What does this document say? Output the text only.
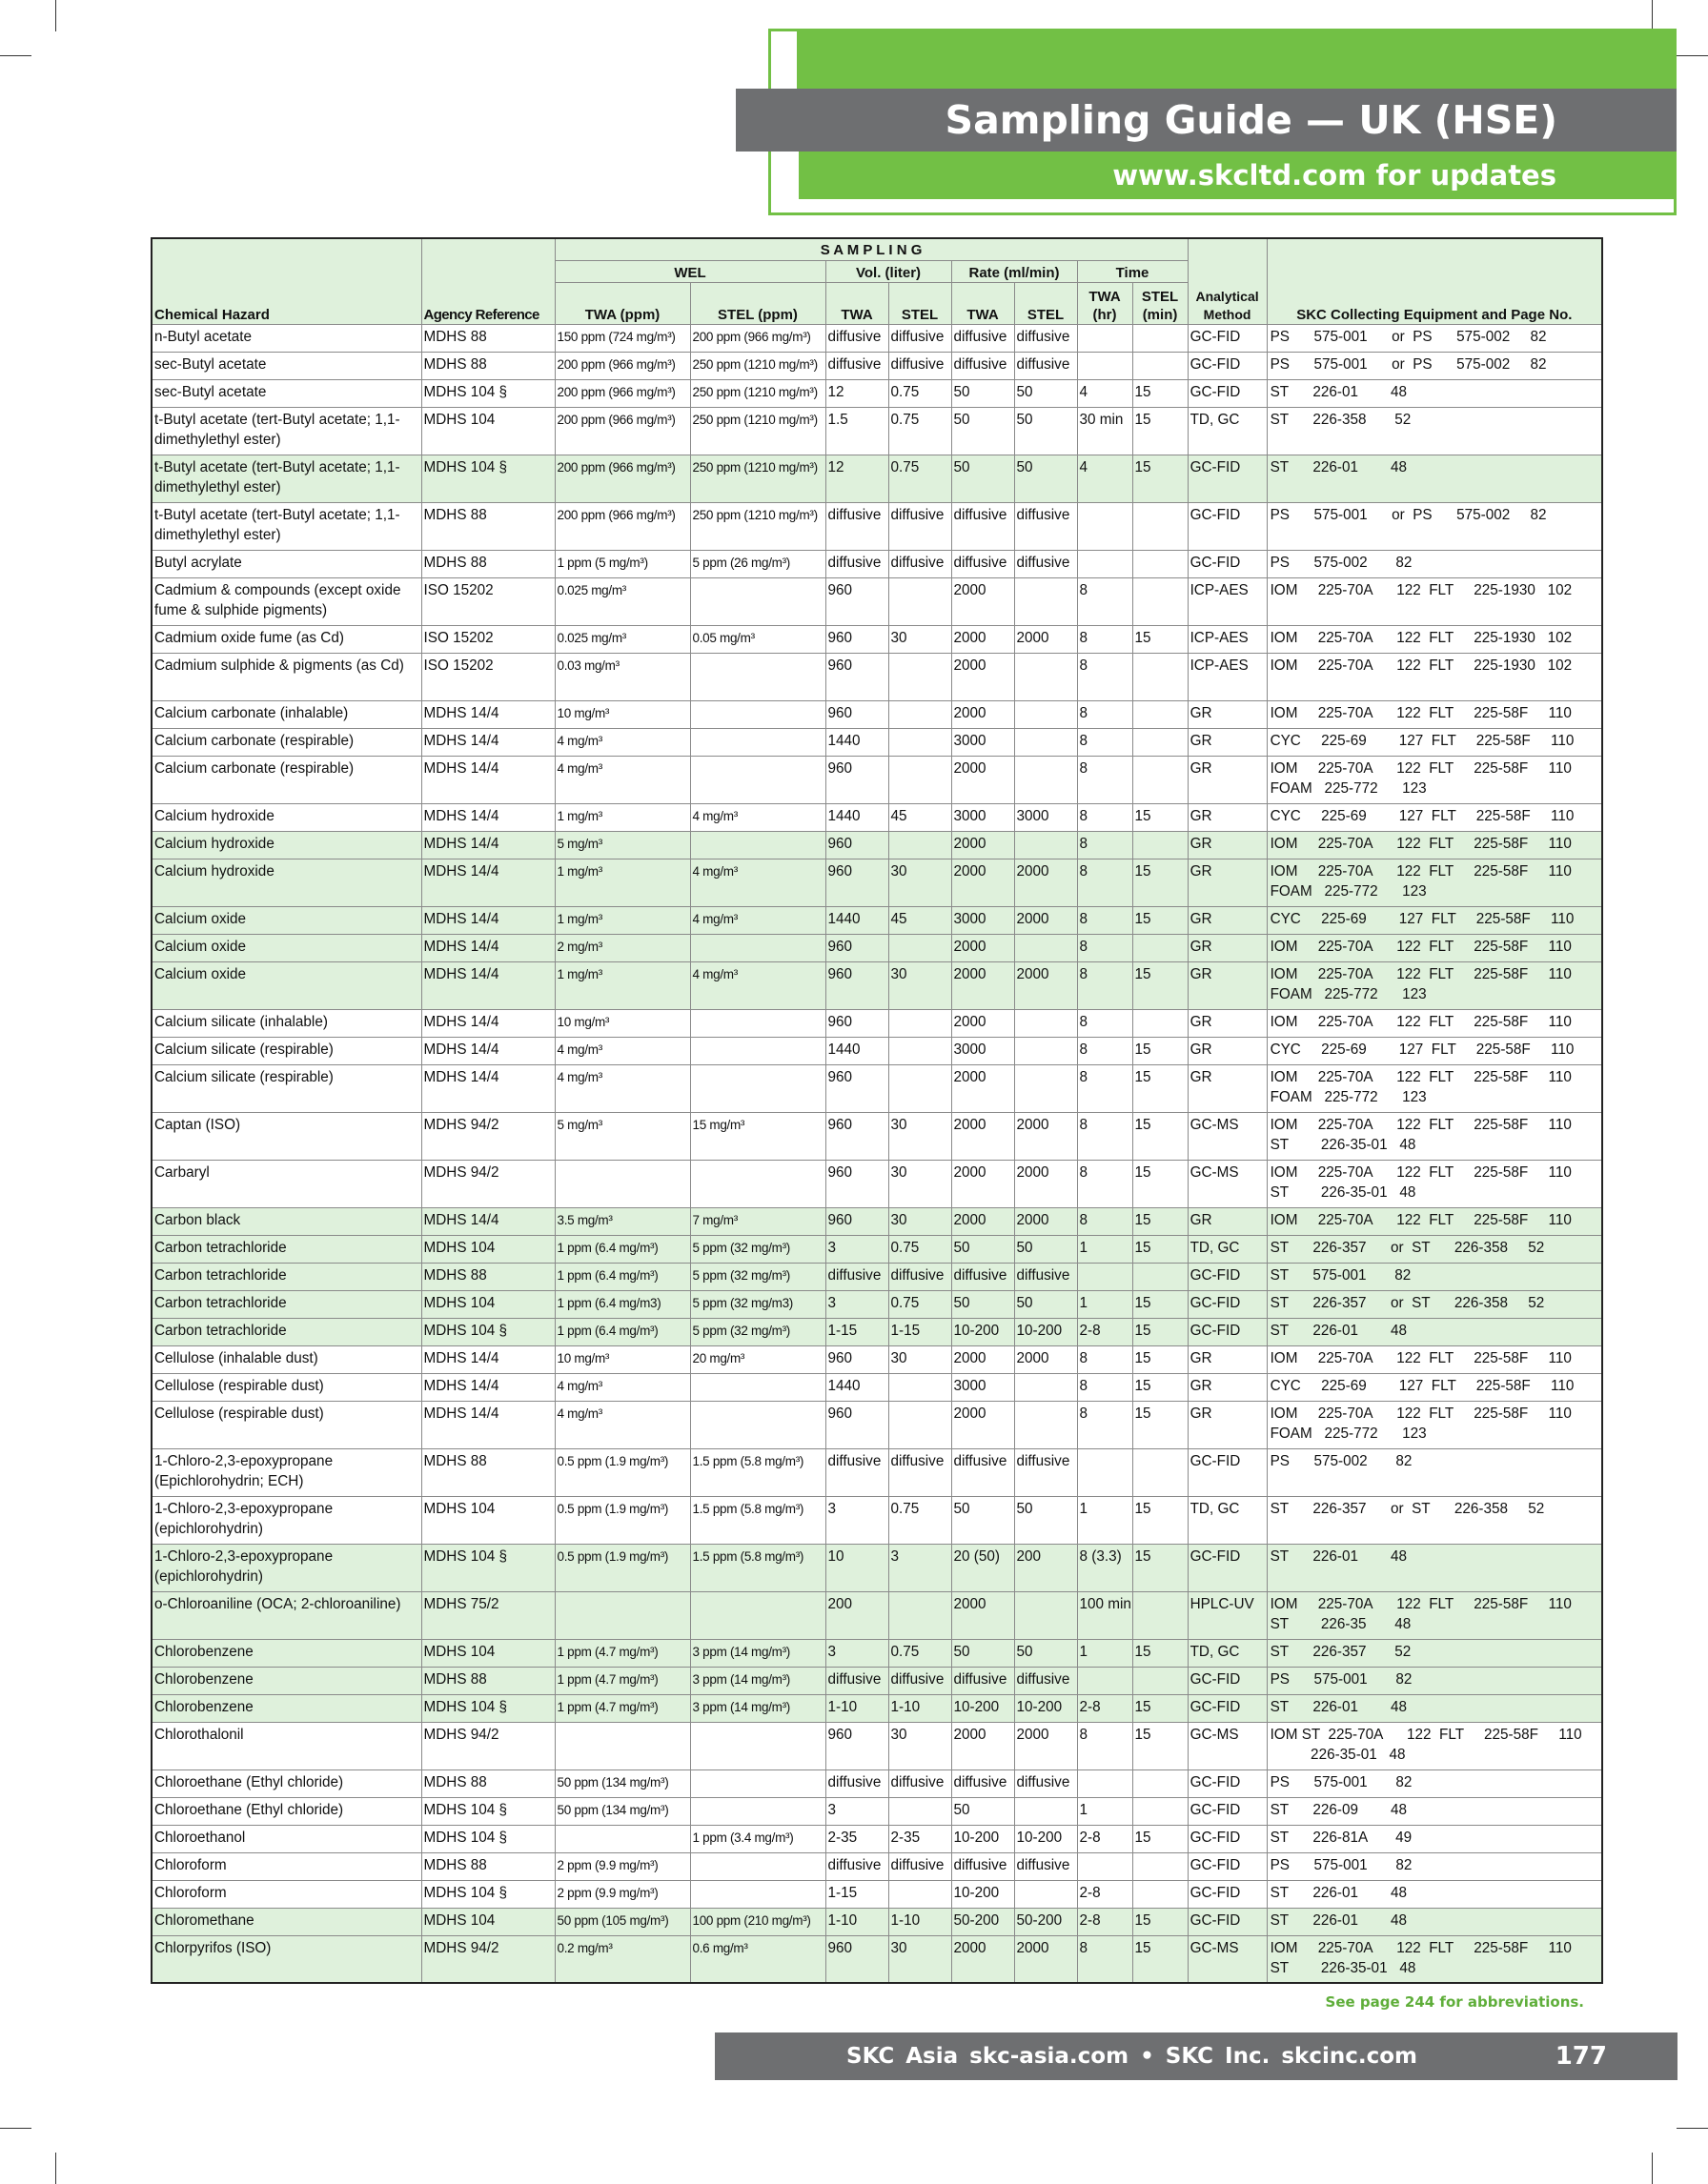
Sampling Guide — UK (HSE)
www.skcltd.com for updates
Chemical Hazard	Agency Reference	S A M P L I N G								Analytical Method	SKC Collecting Equipment and Page No.
		WEL		Vol. (liter)		Rate (ml/min)		Time			
		TWA (ppm)	STEL (ppm)	TWA	STEL	TWA	STEL	TWA (hr)	STEL (min)		

n-Butyl acetate	MDHS 88	150 ppm (724 mg/m³)	200 ppm (966 mg/m³)	diffusive	diffusive	diffusive	diffusive			GC-FID	PS      575-001      or  PS      575-002     82

sec-Butyl acetate	MDHS 88	200 ppm (966 mg/m³)	250 ppm (1210 mg/m³)	diffusive	diffusive	diffusive	diffusive			GC-FID	PS      575-001      or  PS      575-002     82

sec-Butyl acetate	MDHS 104 §	200 ppm (966 mg/m³)	250 ppm (1210 mg/m³)	12	0.75	50	50	4	15	GC-FID	ST      226-01        48

t-Butyl acetate (tert-Butyl acetate; 1,1-dimethylethyl ester)	MDHS 104	200 ppm (966 mg/m³)	250 ppm (1210 mg/m³)	1.5	0.75	50	50	30 min	15	TD, GC	ST      226-358       52

t-Butyl acetate (tert-Butyl acetate; 1,1-dimethylethyl ester)	MDHS 104 §	200 ppm (966 mg/m³)	250 ppm (1210 mg/m³)	12	0.75	50	50	4	15	GC-FID	ST      226-01        48

t-Butyl acetate (tert-Butyl acetate; 1,1-dimethylethyl ester)	MDHS 88	200 ppm (966 mg/m³)	250 ppm (1210 mg/m³)	diffusive	diffusive	diffusive	diffusive			GC-FID	PS      575-001      or  PS      575-002     82

Butyl acrylate	MDHS 88	1 ppm (5 mg/m³)	5 ppm (26 mg/m³)	diffusive	diffusive	diffusive	diffusive			GC-FID	PS      575-002       82

Cadmium & compounds (except oxide fume & sulphide pigments)	ISO 15202	0.025 mg/m³		960		2000		8		ICP-AES	IOM     225-70A      122  FLT     225-1930   102

Cadmium oxide fume (as Cd)	ISO 15202	0.025 mg/m³	0.05 mg/m³	960	30	2000	2000	8	15	ICP-AES	IOM     225-70A      122  FLT     225-1930   102

Cadmium sulphide & pigments (as Cd)	ISO 15202	0.03 mg/m³		960		2000		8		ICP-AES	IOM     225-70A      122  FLT     225-1930   102

Calcium carbonate (inhalable)	MDHS 14/4	10 mg/m³		960		2000		8		GR	IOM     225-70A      122  FLT     225-58F     110

Calcium carbonate (respirable)	MDHS 14/4	4 mg/m³		1440		3000		8		GR	CYC     225-69        127  FLT     225-58F     110

Calcium carbonate (respirable)	MDHS 14/4	4 mg/m³		960		2000		8		GR	IOM     225-70A      122  FLT     225-58F     110
FOAM   225-772      123

Calcium hydroxide	MDHS 14/4	1 mg/m³	4 mg/m³	1440	45	3000	3000	8	15	GR	CYC     225-69        127  FLT     225-58F     110

Calcium hydroxide	MDHS 14/4	5 mg/m³		960		2000		8		GR	IOM     225-70A      122  FLT     225-58F     110

Calcium hydroxide	MDHS 14/4	1 mg/m³	4 mg/m³	960	30	2000	2000	8	15	GR	IOM     225-70A      122  FLT     225-58F     110
FOAM   225-772      123

Calcium oxide	MDHS 14/4	1 mg/m³	4 mg/m³	1440	45	3000	2000	8	15	GR	CYC     225-69        127  FLT     225-58F     110

Calcium oxide	MDHS 14/4	2 mg/m³		960		2000		8		GR	IOM     225-70A      122  FLT     225-58F     110

Calcium oxide	MDHS 14/4	1 mg/m³	4 mg/m³	960	30	2000	2000	8	15	GR	IOM     225-70A      122  FLT     225-58F     110
FOAM   225-772      123

Calcium silicate (inhalable)	MDHS 14/4	10 mg/m³		960		2000		8		GR	IOM     225-70A      122  FLT     225-58F     110

Calcium silicate (respirable)	MDHS 14/4	4 mg/m³		1440		3000		8	15	GR	CYC     225-69        127  FLT     225-58F     110

Calcium silicate (respirable)	MDHS 14/4	4 mg/m³		960		2000		8	15	GR	IOM     225-70A      122  FLT     225-58F     110
FOAM   225-772      123

Captan (ISO)	MDHS 94/2	5 mg/m³	15 mg/m³	960	30	2000	2000	8	15	GC-MS	IOM     225-70A      122  FLT     225-58F     110
ST        226-35-01   48

Carbaryl	MDHS 94/2			960	30	2000	2000	8	15	GC-MS	IOM     225-70A      122  FLT     225-58F     110
ST        226-35-01   48

Carbon black	MDHS 14/4	3.5 mg/m³	7 mg/m³	960	30	2000	2000	8	15	GR	IOM     225-70A      122  FLT     225-58F     110

Carbon tetrachloride	MDHS 104	1 ppm (6.4 mg/m³)	5 ppm (32 mg/m³)	3	0.75	50	50	1	15	TD, GC	ST      226-357      or  ST      226-358     52

Carbon tetrachloride	MDHS 88	1 ppm (6.4 mg/m³)	5 ppm (32 mg/m³)	diffusive	diffusive	diffusive	diffusive			GC-FID	ST      575-001       82

Carbon tetrachloride	MDHS 104	1 ppm (6.4 mg/m3)	5 ppm (32 mg/m3)	3	0.75	50	50	1	15	GC-FID	ST      226-357      or  ST      226-358     52

Carbon tetrachloride	MDHS 104 §	1 ppm (6.4 mg/m³)	5 ppm (32 mg/m³)	1-15	1-15	10-200	10-200	2-8	15	GC-FID	ST      226-01        48

Cellulose (inhalable dust)	MDHS 14/4	10 mg/m³	20 mg/m³	960	30	2000	2000	8	15	GR	IOM     225-70A      122  FLT     225-58F     110

Cellulose (respirable dust)	MDHS 14/4	4 mg/m³		1440		3000		8	15	GR	CYC     225-69        127  FLT     225-58F     110

Cellulose (respirable dust)	MDHS 14/4	4 mg/m³		960		2000		8	15	GR	IOM     225-70A      122  FLT     225-58F     110
FOAM   225-772      123

1-Chloro-2,3-epoxypropane (Epichlorohydrin; ECH)	MDHS 88	0.5 ppm (1.9 mg/m³)	1.5 ppm (5.8 mg/m³)	diffusive	diffusive	diffusive	diffusive			GC-FID	PS      575-002       82

1-Chloro-2,3-epoxypropane (epichlorohydrin)	MDHS 104	0.5 ppm (1.9 mg/m³)	1.5 ppm (5.8 mg/m³)	3	0.75	50	50	1	15	TD, GC	ST      226-357      or  ST      226-358     52

1-Chloro-2,3-epoxypropane (epichlorohydrin)	MDHS 104 §	0.5 ppm (1.9 mg/m³)	1.5 ppm (5.8 mg/m³)	10	3	20 (50)	200	8 (3.3)	15	GC-FID	ST      226-01        48

o-Chloroaniline (OCA; 2-chloroaniline)	MDHS 75/2			200		2000		100 min		HPLC-UV	IOM     225-70A      122  FLT     225-58F     110
ST        226-35       48

Chlorobenzene	MDHS 104	1 ppm (4.7 mg/m³)	3 ppm (14 mg/m³)	3	0.75	50	50	1	15	TD, GC	ST      226-357       52

Chlorobenzene	MDHS 88	1 ppm (4.7 mg/m³)	3 ppm (14 mg/m³)	diffusive	diffusive	diffusive	diffusive			GC-FID	PS      575-001       82

Chlorobenzene	MDHS 104 §	1 ppm (4.7 mg/m³)	3 ppm (14 mg/m³)	1-10	1-10	10-200	10-200	2-8	15	GC-FID	ST      226-01        48

Chlorothalonil	MDHS 94/2			960	30	2000	2000	8	15	GC-MS	IOM ST  225-70A      122  FLT     225-58F     110
226-35-01   48

Chloroethane (Ethyl chloride)	MDHS 88	50 ppm (134 mg/m³)		diffusive	diffusive	diffusive	diffusive			GC-FID	PS      575-001       82

Chloroethane (Ethyl chloride)	MDHS 104 §	50 ppm (134 mg/m³)		3		50		1		GC-FID	ST      226-09        48

Chloroethanol	MDHS 104 §		1 ppm (3.4 mg/m³)	2-35	2-35	10-200	10-200	2-8	15	GC-FID	ST      226-81A       49

Chloroform	MDHS 88	2 ppm (9.9 mg/m³)		diffusive	diffusive	diffusive	diffusive			GC-FID	PS      575-001       82

Chloroform	MDHS 104 §	2 ppm (9.9 mg/m³)		1-15		10-200		2-8		GC-FID	ST      226-01        48

Chloromethane	MDHS 104	50 ppm (105 mg/m³)	100 ppm (210 mg/m³)	1-10	1-10	50-200	50-200	2-8	15	GC-FID	ST      226-01        48

Chlorpyrifos (ISO)	MDHS 94/2	0.2 mg/m³	0.6 mg/m³	960	30	2000	2000	8	15	GC-MS	IOM     225-70A      122  FLT     225-58F     110
ST        226-35-01   48
See page 244 for abbreviations.
SKC Asia skc-asia.com • SKC Inc. skcinc.com	177
